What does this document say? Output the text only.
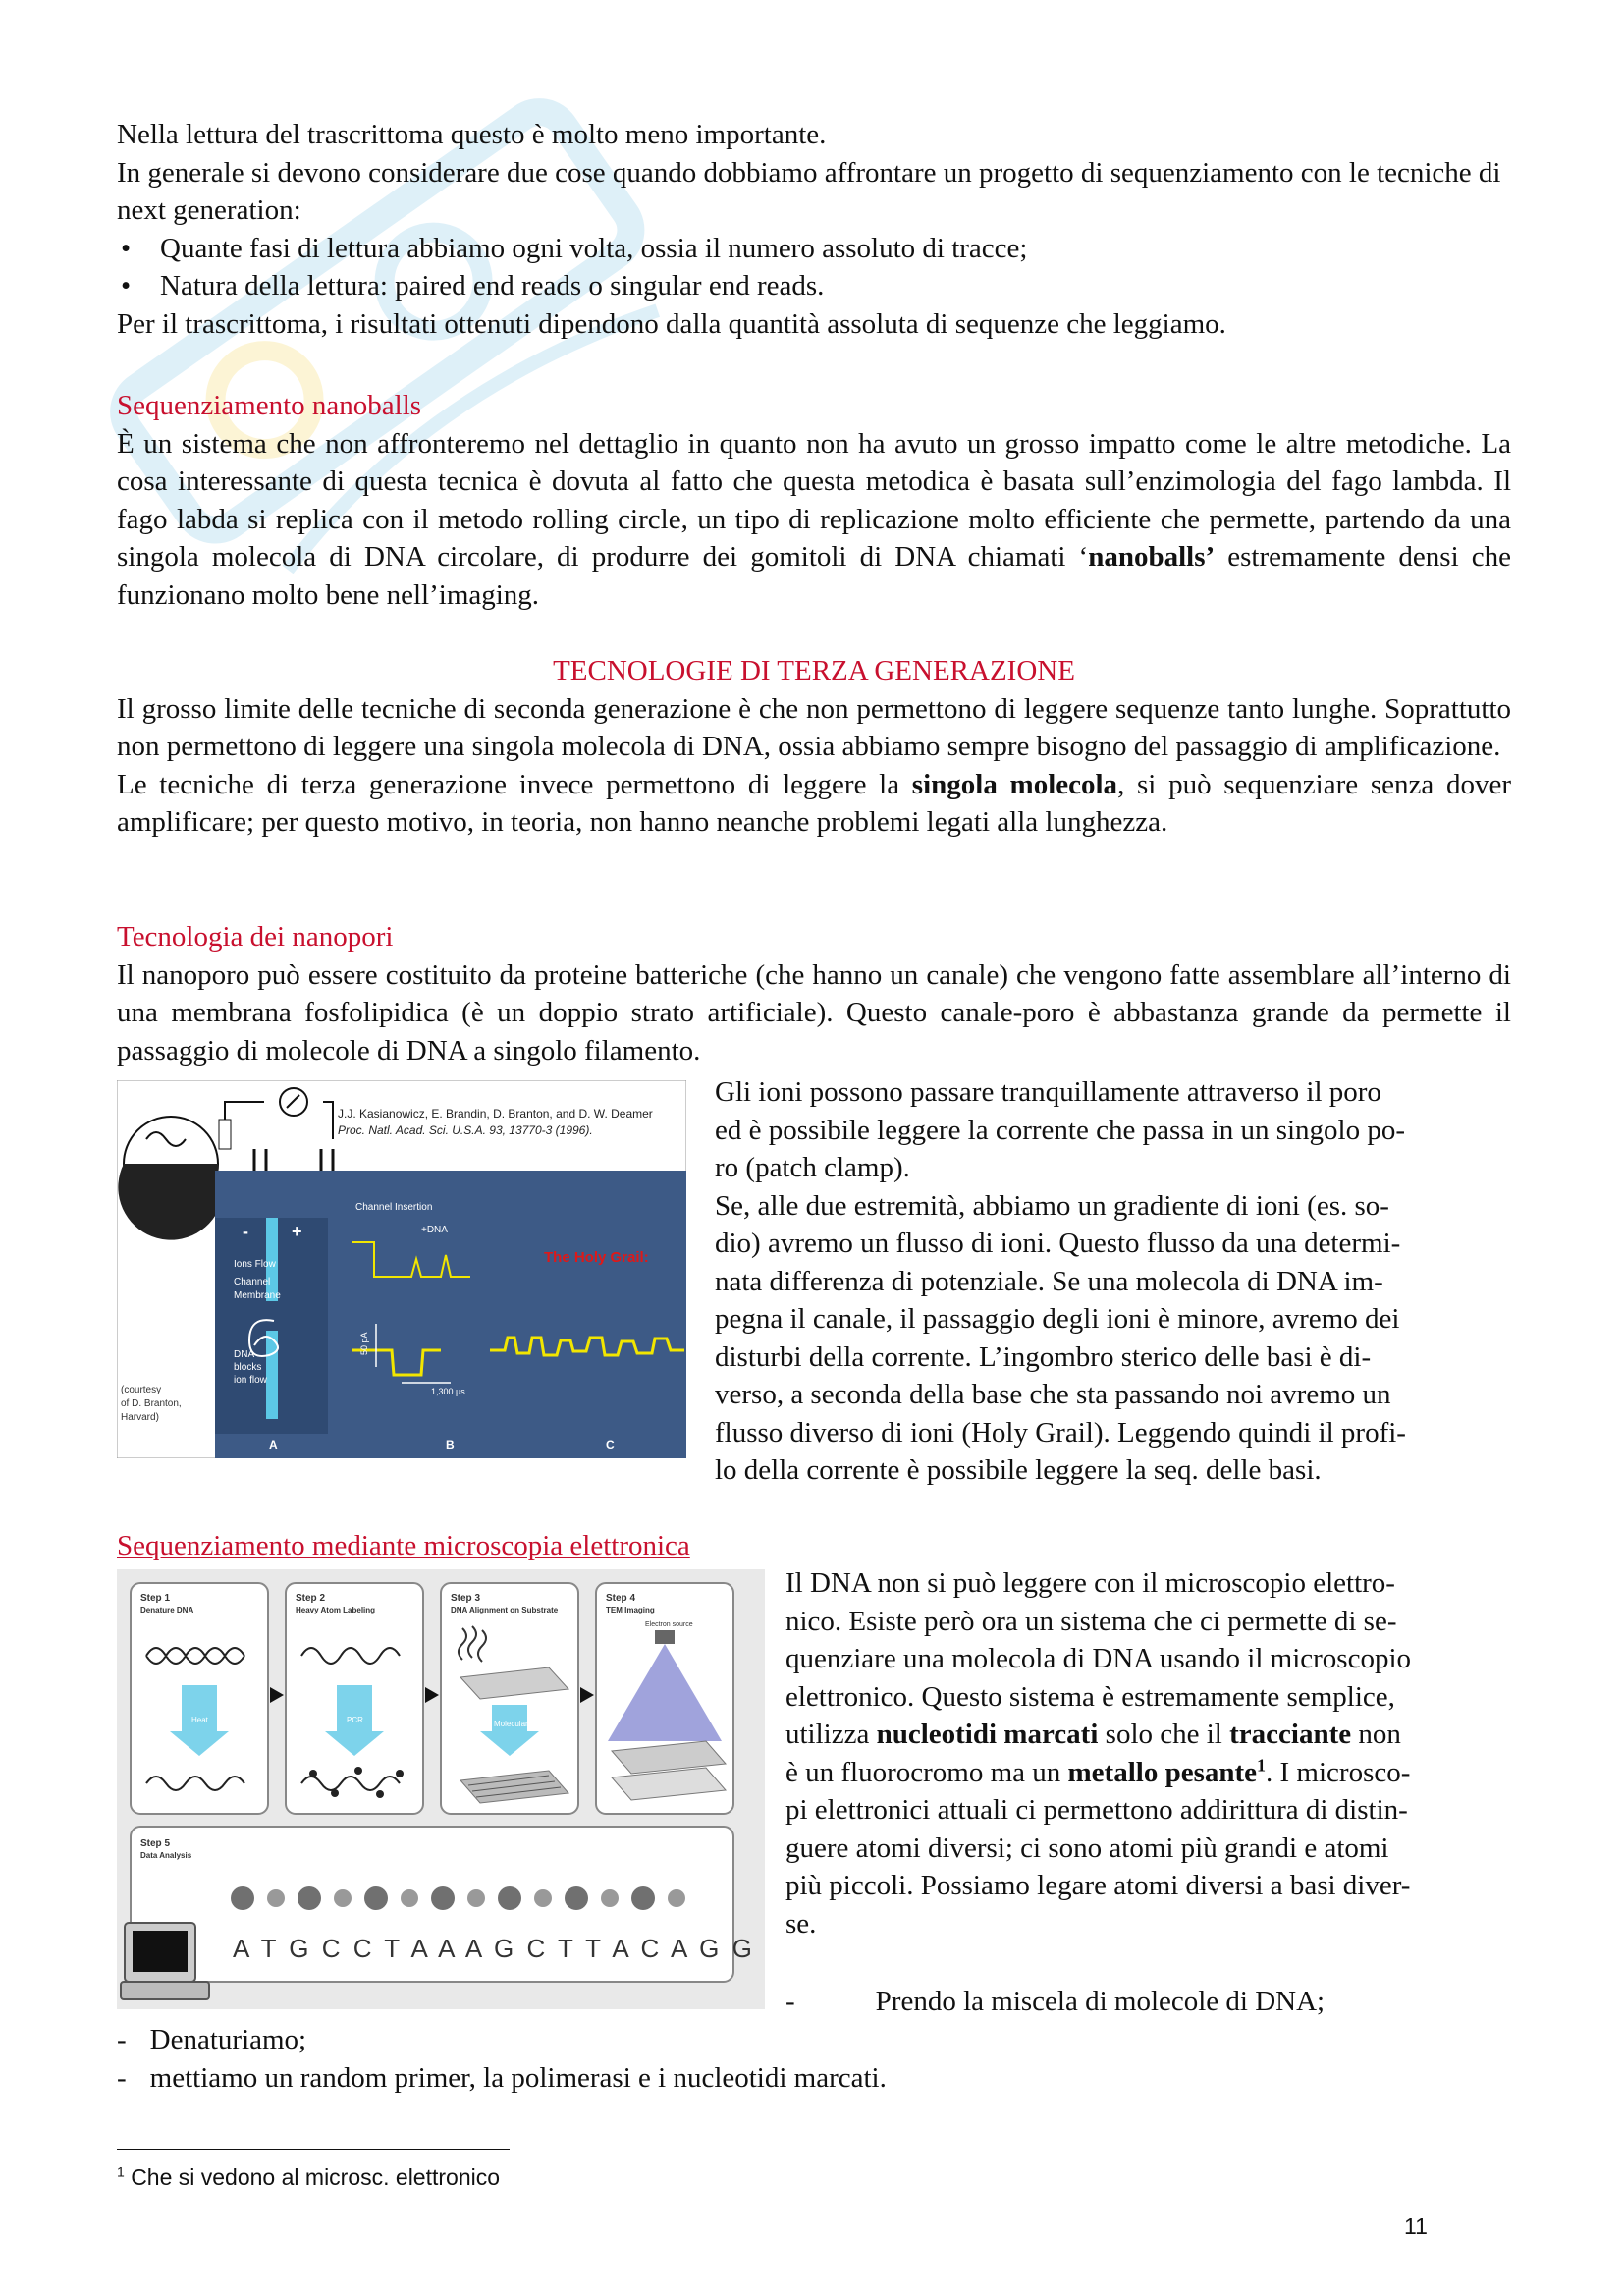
Nella lettura del trascrittoma questo è molto meno importante.

In generale si devono considerare due cose quando dobbiamo affrontare un progetto di sequenziamento con le tecniche di next generation:

•	Quante fasi di lettura abbiamo ogni volta, ossia il numero assoluto di tracce;
•	Natura della lettura: paired end reads o singular end reads.

Per il trascrittoma, i risultati ottenuti dipendono dalla quantità assoluta di sequenze che leggiamo.

Sequenziamento nanoballs

È un sistema che non affronteremo nel dettaglio in quanto non ha avuto un grosso impatto come le altre metodiche. La cosa interessante di questa tecnica è dovuta al fatto che questa metodica è basata sull’enzimologia del fago lambda. Il fago labda si replica con il metodo rolling circle, un tipo di replicazione molto efficiente che permette, partendo da una singola molecola di DNA circolare, di produrre dei gomitoli di DNA chiamati ‘nanoballs’ estremamente densi che funzionano molto bene nell’imaging.

TECNOLOGIE DI TERZA GENERAZIONE

Il grosso limite delle tecniche di seconda generazione è che non permettono di leggere sequenze tanto lunghe. Soprattutto non permettono di leggere una singola molecola di DNA, ossia abbiamo sempre bisogno del passaggio di amplificazione.

Le tecniche di terza generazione invece permettono di leggere la singola molecola, si può sequenziare senza dover amplificare; per questo motivo, in teoria, non hanno neanche problemi legati alla lunghezza.

Tecnologia dei nanopori

Il nanoporo può essere costituito da proteine batteriche (che hanno un canale) che vengono fatte assemblare all’interno di una membrana fosfolipidica (è un doppio strato artificiale). Questo canale-poro è abbastanza grande da permette il passaggio di molecole di DNA a singolo filamento.

Gli ioni possono passare tranquillamente attraverso il poro

ed è possibile leggere la corrente che passa in un singolo po-

ro (patch clamp).

Se, alle due estremità, abbiamo un gradiente di ioni (es. so-

dio) avremo un flusso di ioni. Questo flusso da una determi-

nata differenza di potenziale. Se una molecola di DNA im-

pegna il canale, il passaggio degli ioni è minore, avremo dei

disturbi della corrente. L’ingombro sterico delle basi è di-

verso, a seconda della base che sta passando noi avremo un

flusso diverso di ioni (Holy Grail). Leggendo quindi il profi-

lo della corrente è possibile leggere la seq. delle basi.

J.J. Kasianowicz, E. Brandin, D. Branton, and D. W. Deamer
Proc. Natl. Acad. Sci. U.S.A. 93, 13770-3 (1996).
- +
Ions Flow
Channel
Membrane
DNA
blocks
ion flow
Channel Insertion
+DNA
50 pA
1,300 µs
The Holy Grail:
(courtesy
of D. Branton,
Harvard)
A	B	C

Sequenziamento mediante microscopia elettronica

Il DNA non si può leggere con il microscopio elettro-

nico. Esiste però ora un sistema che ci permette di se-

quenziare una molecola di DNA usando il microscopio

elettronico. Questo sistema è estremamente semplice,

utilizza nucleotidi marcati solo che il tracciante non

è un fluorocromo ma un metallo pesante$^1$. I microsco-

pi elettronici attuali ci permettono addirittura di distin-

guere atomi diversi; ci sono atomi più grandi e atomi

più piccoli. Possiamo legare atomi diversi a basi diver-

se.

-	Prendo la miscela di molecole di DNA;

- Denaturiamo;

- mettiamo un random primer, la polimerasi e i nucleotidi marcati.

Step 1
Denature DNA
Heat
Step 2
Heavy Atom Labeling
PCR
Step 3
DNA Alignment on Substrate
Molecular Combing
Step 4
TEM Imaging
Electron source
Step 5
Data Analysis
A T G C C T A A A G C T T A C A G G
$^1$ Che si vedono al microsc. elettronico
11
